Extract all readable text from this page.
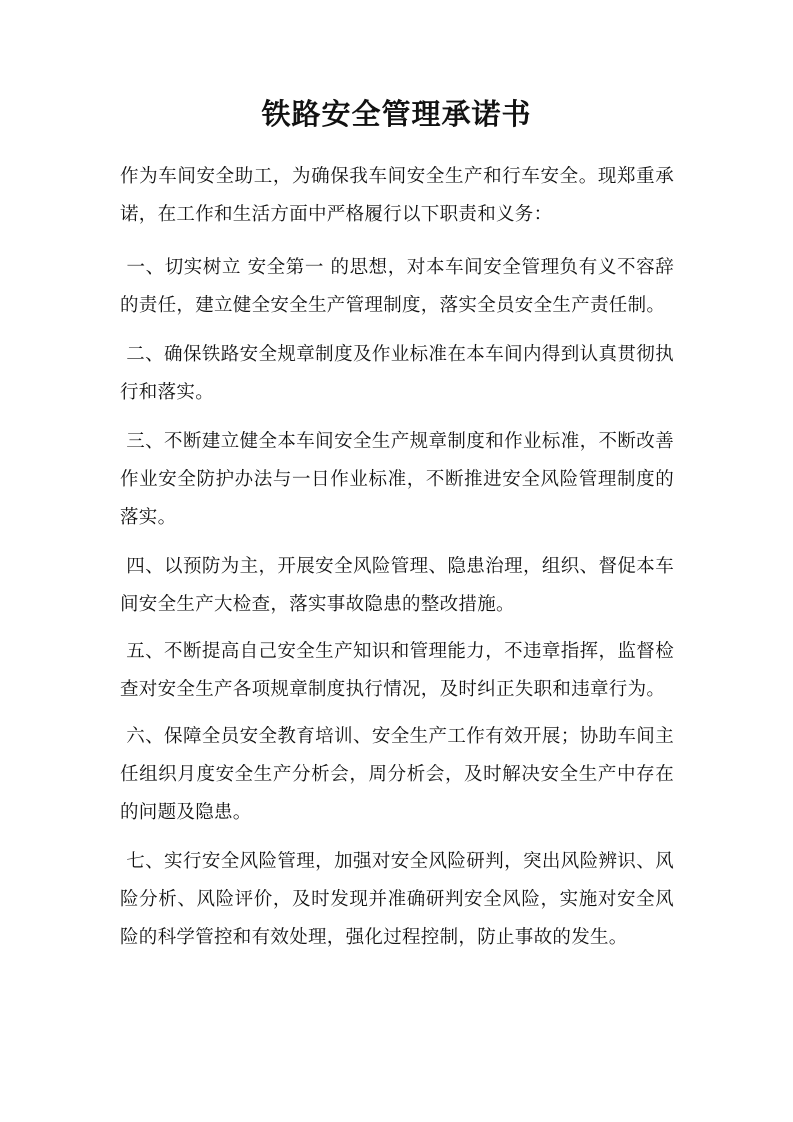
铁路安全管理承诺书

作为车间安全助工，为确保我车间安全生产和行车安全。现郑重承诺，在工作和生活方面中严格履行以下职责和义务：

一、切实树立 安全第一 的思想，对本车间安全管理负有义不容辞的责任，建立健全安全生产管理制度，落实全员安全生产责任制。

二、确保铁路安全规章制度及作业标准在本车间内得到认真贯彻执行和落实。

三、不断建立健全本车间安全生产规章制度和作业标准，不断改善作业安全防护办法与一日作业标准，不断推进安全风险管理制度的落实。

四、以预防为主，开展安全风险管理、隐患治理，组织、督促本车间安全生产大检查，落实事故隐患的整改措施。

五、不断提高自己安全生产知识和管理能力，不违章指挥，监督检查对安全生产各项规章制度执行情况，及时纠正失职和违章行为。

六、保障全员安全教育培训、安全生产工作有效开展；协助车间主任组织月度安全生产分析会，周分析会，及时解决安全生产中存在的问题及隐患。

七、实行安全风险管理，加强对安全风险研判，突出风险辨识、风险分析、风险评价，及时发现并准确研判安全风险，实施对安全风险的科学管控和有效处理，强化过程控制，防止事故的发生。
